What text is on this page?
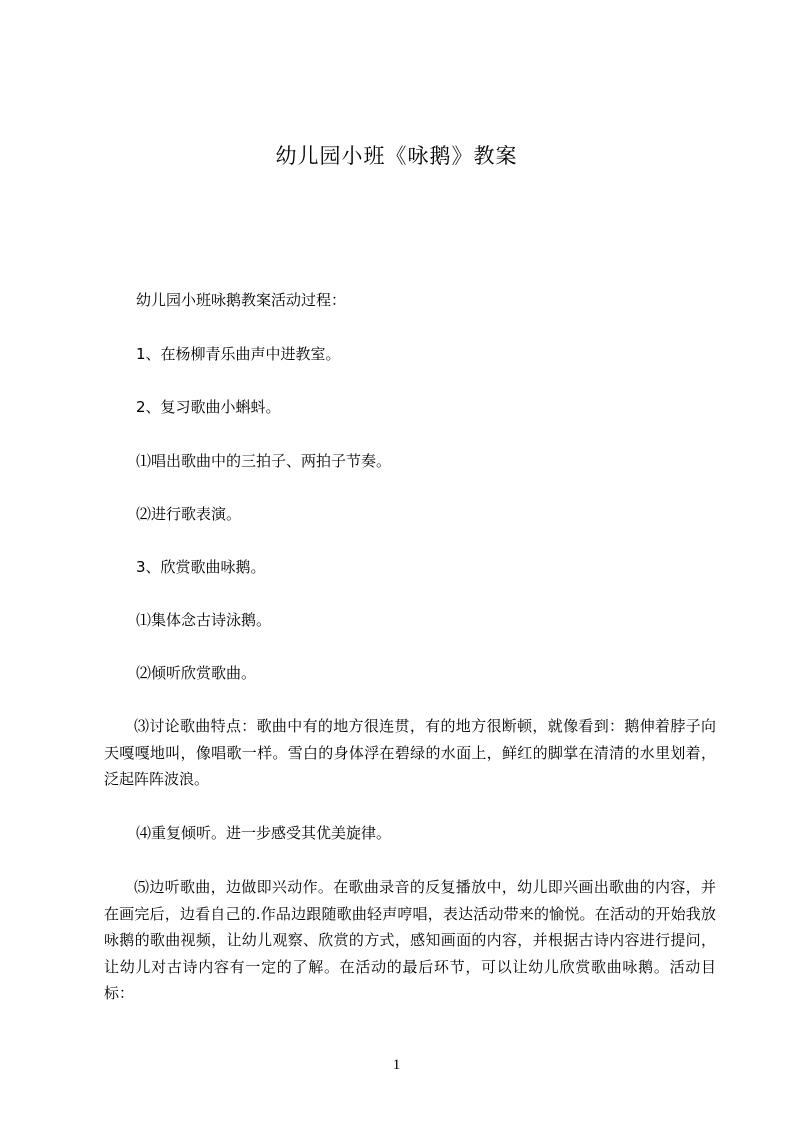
幼儿园小班《咏鹅》教案

幼儿园小班咏鹅教案活动过程：

1、在杨柳青乐曲声中进教室。

2、复习歌曲小蝌蚪。

⑴唱出歌曲中的三拍子、两拍子节奏。

⑵进行歌表演。

3、欣赏歌曲咏鹅。

⑴集体念古诗泳鹅。

⑵倾听欣赏歌曲。

⑶讨论歌曲特点：歌曲中有的地方很连贯，有的地方很断顿，就像看到：鹅伸着脖子向天嘎嘎地叫，像唱歌一样。雪白的身体浮在碧绿的水面上，鲜红的脚掌在清清的水里划着，泛起阵阵波浪。

⑷重复倾听。进一步感受其优美旋律。

⑸边听歌曲，边做即兴动作。在歌曲录音的反复播放中，幼儿即兴画出歌曲的内容，并在画完后，边看自己的.作品边跟随歌曲轻声哼唱，表达活动带来的愉悦。在活动的开始我放咏鹅的歌曲视频，让幼儿观察、欣赏的方式，感知画面的内容，并根据古诗内容进行提问，让幼儿对古诗内容有一定的了解。在活动的最后环节，可以让幼儿欣赏歌曲咏鹅。活动目标：

1
